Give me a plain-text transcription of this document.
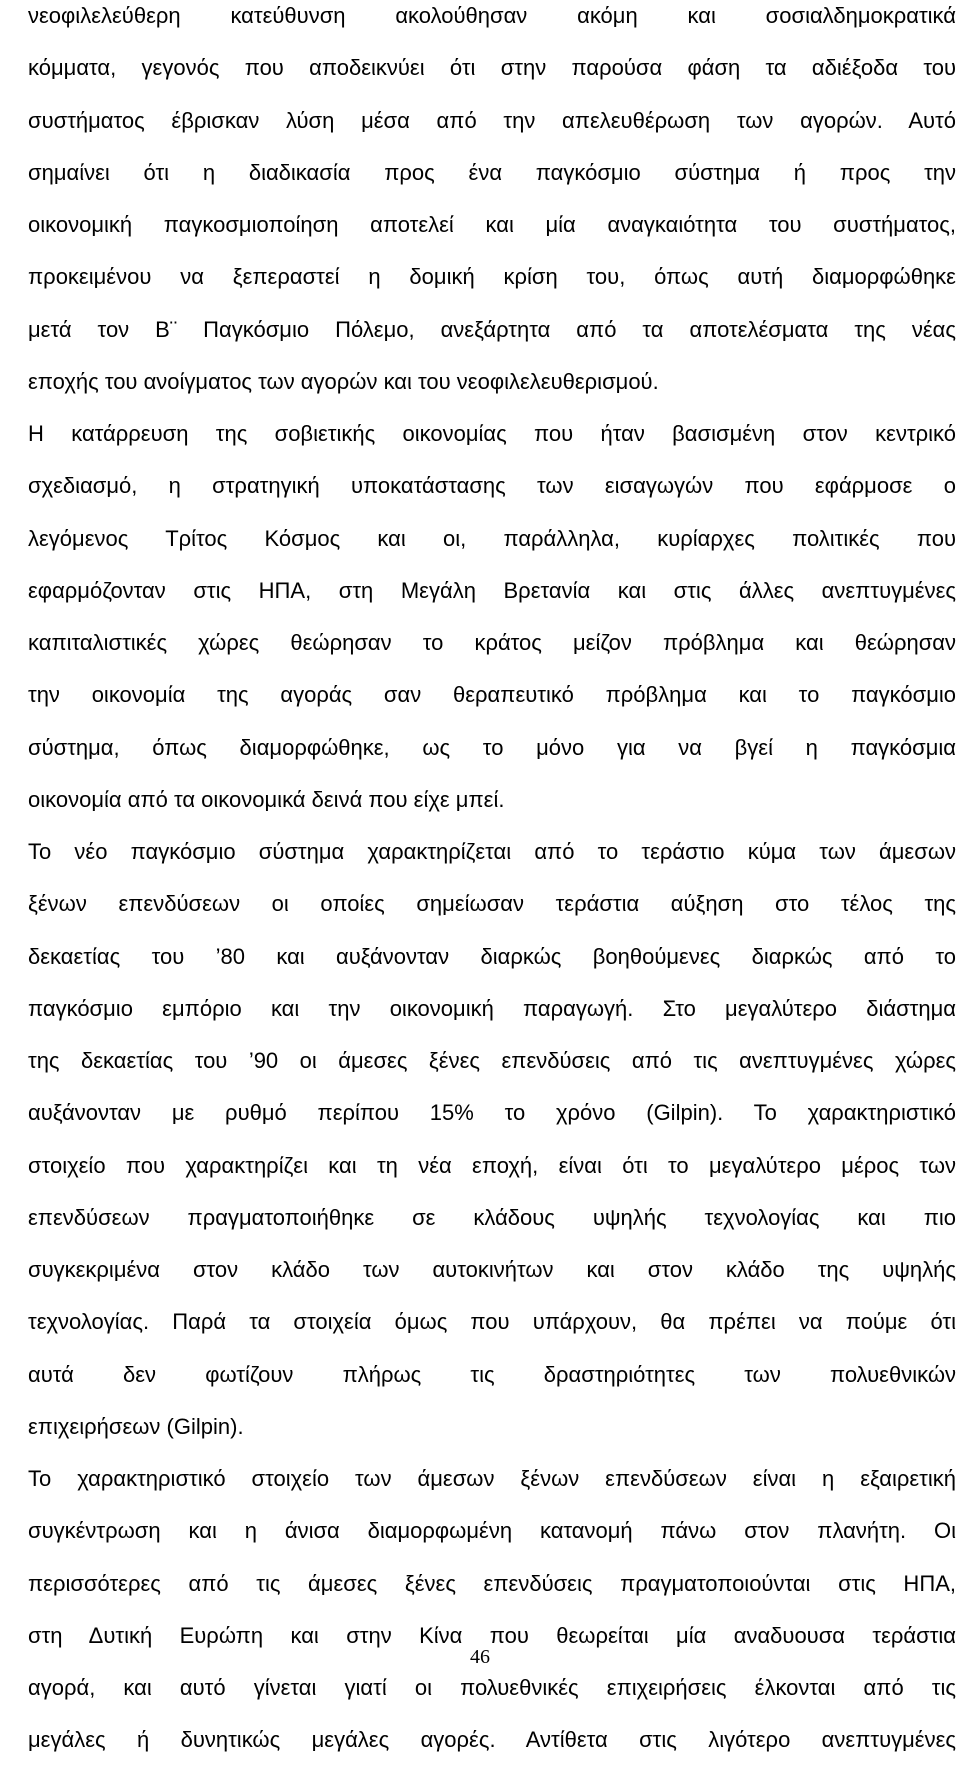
νεοφιλελεύθερη κατεύθυνση ακολούθησαν ακόμη και σοσιαλδημοκρατικά
κόμματα, γεγονός που αποδεικνύει ότι στην παρούσα φάση τα αδιέξοδα του
συστήματος έβρισκαν λύση μέσα από την απελευθέρωση των αγορών. Αυτό
σημαίνει ότι η διαδικασία προς ένα παγκόσμιο σύστημα ή προς την
οικονομική παγκοσμιοποίηση αποτελεί και μία αναγκαιότητα του συστήματος,
προκειμένου να ξεπεραστεί η δομική κρίση του, όπως αυτή διαμορφώθηκε
μετά τον Β¨ Παγκόσμιο Πόλεμο, ανεξάρτητα από τα αποτελέσματα της νέας
εποχής του ανοίγματος των αγορών και του νεοφιλελευθερισμού.
Η κατάρρευση της σοβιετικής οικονομίας που ήταν βασισμένη στον κεντρικό
σχεδιασμό, η στρατηγική υποκατάστασης των εισαγωγών που εφάρμοσε ο
λεγόμενος Τρίτος Κόσμος και οι, παράλληλα, κυρίαρχες πολιτικές που
εφαρμόζονταν στις ΗΠΑ, στη Μεγάλη Βρετανία και στις άλλες ανεπτυγμένες
καπιταλιστικές χώρες θεώρησαν το κράτος μείζον πρόβλημα και θεώρησαν
την οικονομία της αγοράς σαν θεραπευτικό πρόβλημα και το παγκόσμιο
σύστημα, όπως διαμορφώθηκε, ως το μόνο για να βγεί η παγκόσμια
οικονομία από τα οικονομικά δεινά που είχε μπεί.
Το νέο παγκόσμιο σύστημα χαρακτηρίζεται από το τεράστιο κύμα των άμεσων
ξένων επενδύσεων οι οποίες σημείωσαν τεράστια αύξηση στο τέλος της
δεκαετίας του ’80 και αυξάνονταν διαρκώς βοηθούμενες διαρκώς από το
παγκόσμιο εμπόριο και την οικονομική παραγωγή. Στο μεγαλύτερο διάστημα
της δεκαετίας του ’90 οι άμεσες ξένες επενδύσεις από τις ανεπτυγμένες χώρες
αυξάνονταν με ρυθμό περίπου 15% το χρόνο (Gilpin). Το χαρακτηριστικό
στοιχείο που χαρακτηρίζει και τη νέα εποχή, είναι ότι το μεγαλύτερο μέρος των
επενδύσεων πραγματοποιήθηκε σε κλάδους υψηλής τεχνολογίας και πιο
συγκεκριμένα στον κλάδο των αυτοκινήτων και στον κλάδο της υψηλής
τεχνολογίας. Παρά τα στοιχεία όμως που υπάρχουν, θα πρέπει να πούμε ότι
αυτά δεν φωτίζουν πλήρως τις δραστηριότητες των πολυεθνικών
επιχειρήσεων (Gilpin).
Το χαρακτηριστικό στοιχείο των άμεσων ξένων επενδύσεων είναι η εξαιρετική
συγκέντρωση και η άνισα διαμορφωμένη κατανομή πάνω στον πλανήτη. Οι
περισσότερες από τις άμεσες ξένες επενδύσεις πραγματοποιούνται στις ΗΠΑ,
στη Δυτική Ευρώπη και στην Κίνα που θεωρείται μία αναδυουσα τεράστια
αγορά, και αυτό γίνεται γιατί οι πολυεθνικές επιχειρήσεις έλκονται από τις
μεγάλες ή δυνητικώς μεγάλες αγορές. Αντίθετα στις λιγότερο ανεπτυγμένες
46
